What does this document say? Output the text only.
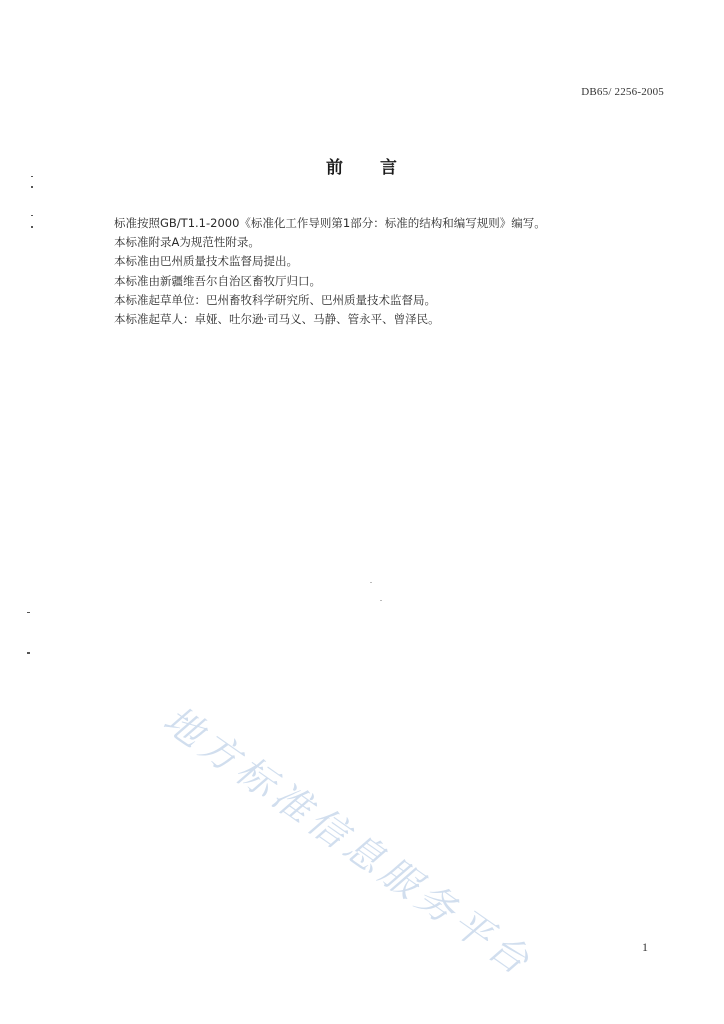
DB65/ 2256-2005
前 言

标准按照GB/T1.1-2000《标准化工作导则第1部分：标准的结构和编写规则》编写。

本标准附录A为规范性附录。

本标准由巴州质量技术监督局提出。

本标准由新疆维吾尔自治区畜牧厅归口。

本标准起草单位：巴州畜牧科学研究所、巴州质量技术监督局。

本标准起草人：卓娅、吐尔逊·司马义、马静、管永平、曾泽民。

地方标准信息服务平台	1
